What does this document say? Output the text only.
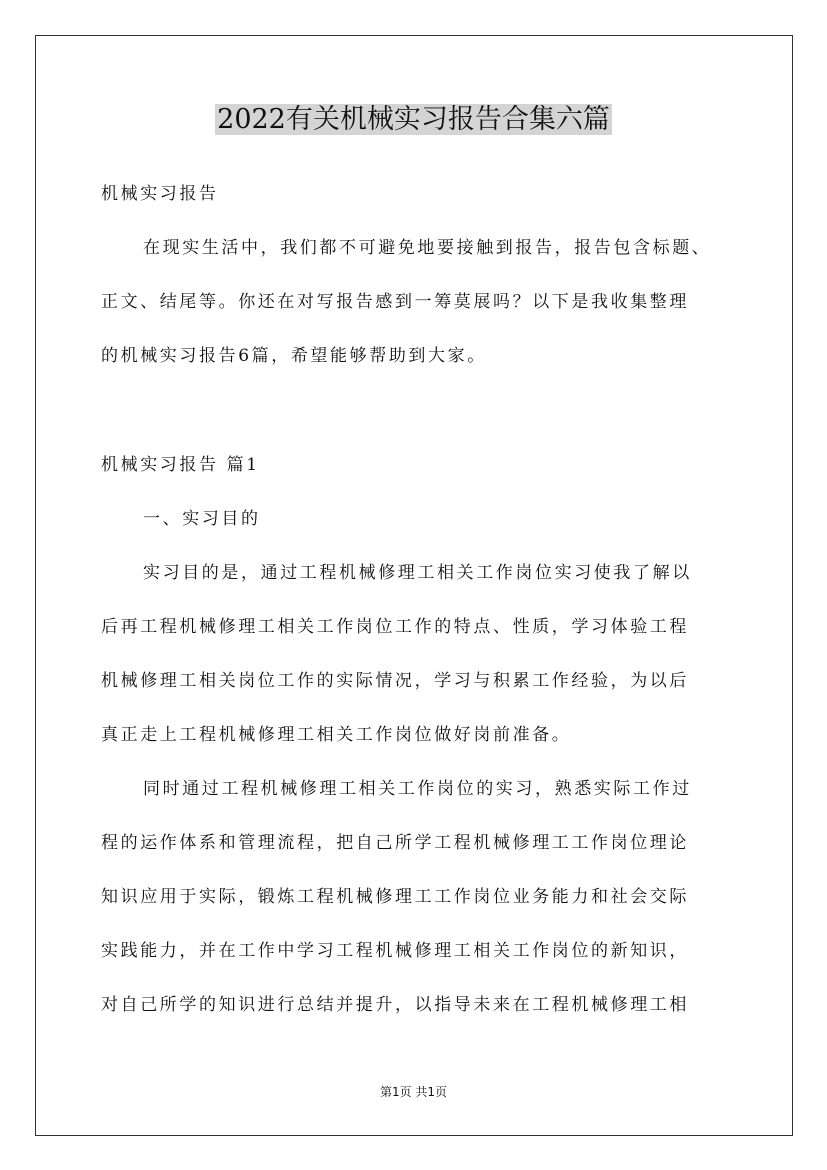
2022有关机械实习报告合集六篇
机械实习报告
在现实生活中，我们都不可避免地要接触到报告，报告包含标题、
正文、结尾等。你还在对写报告感到一筹莫展吗？以下是我收集整理
的机械实习报告6篇，希望能够帮助到大家。
机械实习报告 篇1
一、实习目的
实习目的是，通过工程机械修理工相关工作岗位实习使我了解以
后再工程机械修理工相关工作岗位工作的特点、性质，学习体验工程
机械修理工相关岗位工作的实际情况，学习与积累工作经验，为以后
真正走上工程机械修理工相关工作岗位做好岗前准备。
同时通过工程机械修理工相关工作岗位的实习，熟悉实际工作过
程的运作体系和管理流程，把自己所学工程机械修理工工作岗位理论
知识应用于实际，锻炼工程机械修理工工作岗位业务能力和社会交际
实践能力，并在工作中学习工程机械修理工相关工作岗位的新知识，
对自己所学的知识进行总结并提升，以指导未来在工程机械修理工相
第1页 共1页
